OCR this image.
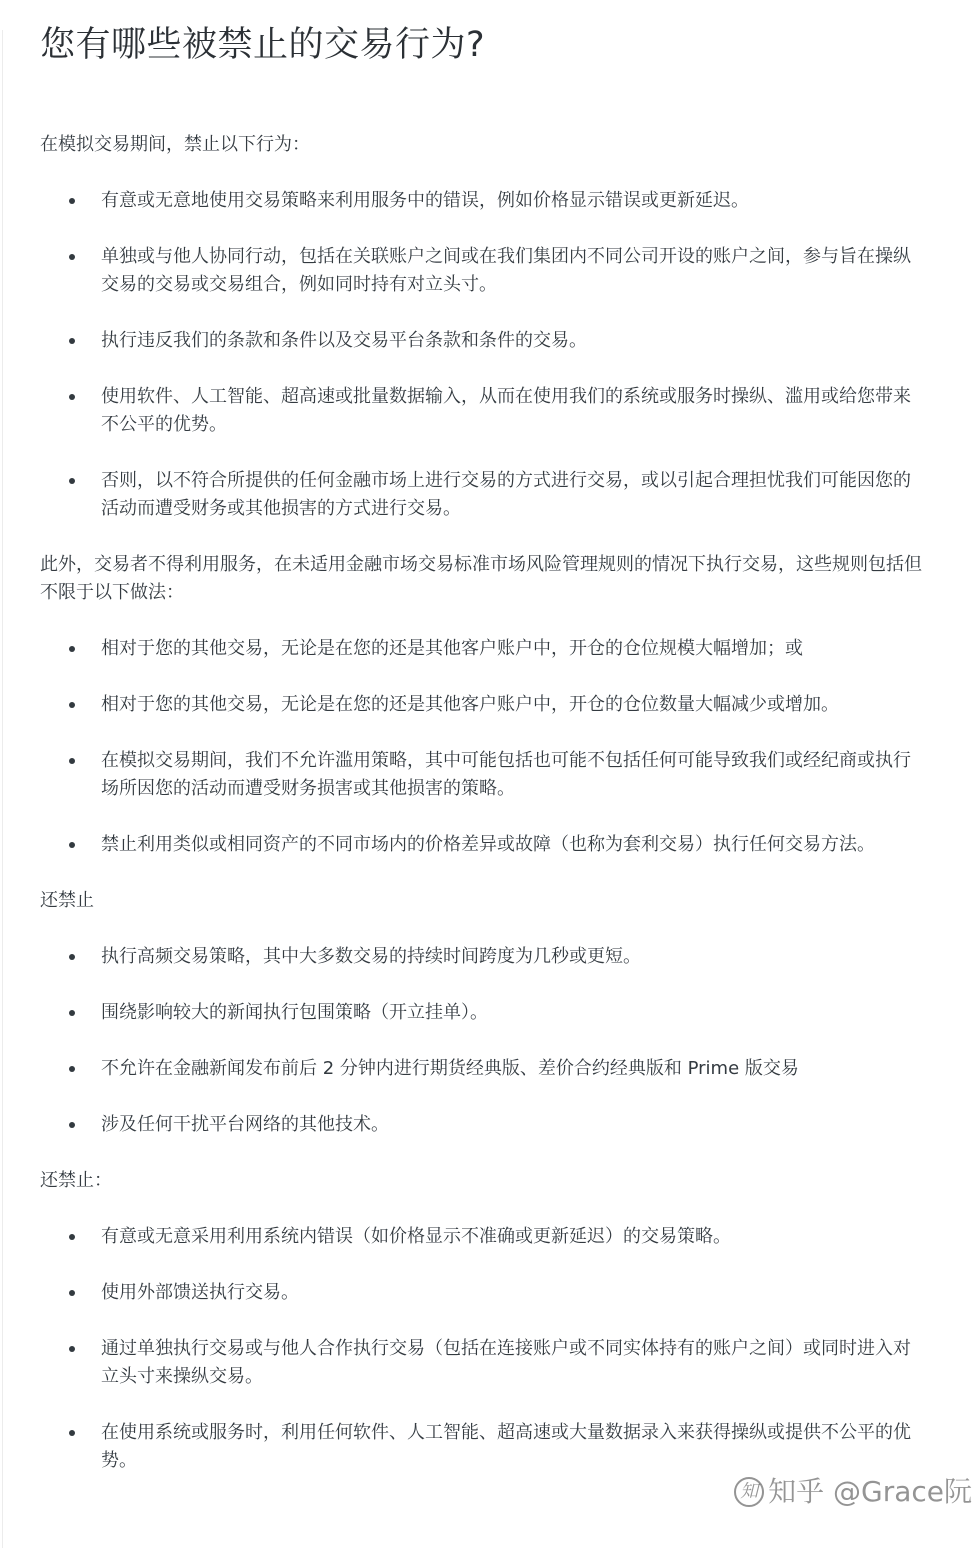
您有哪些被禁止的交易行为?

在模拟交易期间，禁止以下行为：

有意或无意地使用交易策略来利用服务中的错误，例如价格显示错误或更新延迟。
单独或与他人协同行动，包括在关联账户之间或在我们集团内不同公司开设的账户之间，参与旨在操纵交易的交易或交易组合，例如同时持有对立头寸。
执行违反我们的条款和条件以及交易平台条款和条件的交易。
使用软件、人工智能、超高速或批量数据输入，从而在使用我们的系统或服务时操纵、滥用或给您带来不公平的优势。
否则，以不符合所提供的任何金融市场上进行交易的方式进行交易，或以引起合理担忧我们可能因您的活动而遭受财务或其他损害的方式进行交易。

此外，交易者不得利用服务，在未适用金融市场交易标准市场风险管理规则的情况下执行交易，这些规则包括但不限于以下做法：

相对于您的其他交易，无论是在您的还是其他客户账户中，开仓的仓位规模大幅增加；或
相对于您的其他交易，无论是在您的还是其他客户账户中，开仓的仓位数量大幅减少或增加。
在模拟交易期间，我们不允许滥用策略，其中可能包括也可能不包括任何可能导致我们或经纪商或执行场所因您的活动而遭受财务损害或其他损害的策略。
禁止利用类似或相同资产的不同市场内的价格差异或故障（也称为套利交易）执行任何交易方法。

还禁止

执行高频交易策略，其中大多数交易的持续时间跨度为几秒或更短。
围绕影响较大的新闻执行包围策略（开立挂单）。
不允许在金融新闻发布前后 2 分钟内进行期货经典版、差价合约经典版和 Prime 版交易
涉及任何干扰平台网络的其他技术。

还禁止：

有意或无意采用利用系统内错误（如价格显示不准确或更新延迟）的交易策略。
使用外部馈送执行交易。
通过单独执行交易或与他人合作执行交易（包括在连接账户或不同实体持有的账户之间）或同时进入对立头寸来操纵交易。
在使用系统或服务时，利用任何软件、人工智能、超高速或大量数据录入来获得操纵或提供不公平的优势。
知 知乎 @Grace阮
